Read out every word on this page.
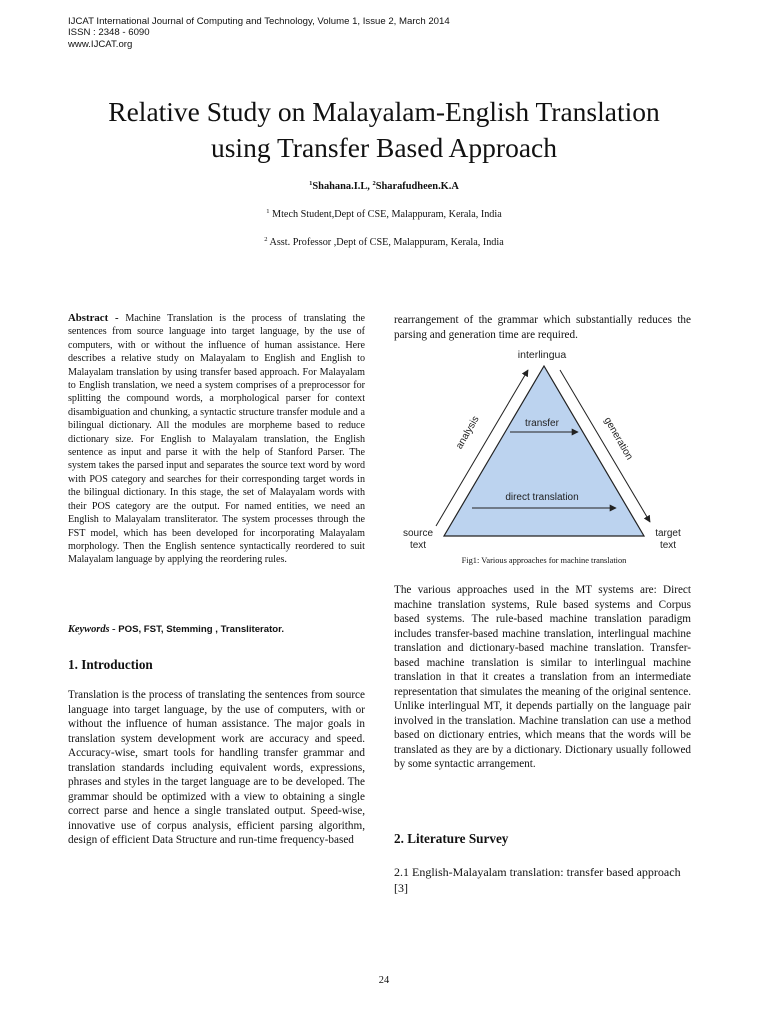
IJCAT International Journal of Computing and Technology, Volume 1, Issue 2, March 2014
ISSN : 2348 - 6090
www.IJCAT.org
Relative Study on Malayalam-English Translation
using Transfer Based Approach
$^1$Shahana.I.L, $^2$Sharafudheen.K.A
$^1$ Mtech Student,Dept of CSE, Malappuram, Kerala, India
$^2$ Asst. Professor ,Dept of CSE, Malappuram, Kerala, India
Abstract - Machine Translation is the process of translating the sentences from source language into target language, by the use of computers, with or without the influence of human assistance. Here describes a relative study on Malayalam to English and English to Malayalam translation by using transfer based approach. For Malayalam to English translation, we need a system comprises of a preprocessor for splitting the compound words, a morphological parser for context disambiguation and chunking, a syntactic structure transfer module and a bilingual dictionary. All the modules are morpheme based to reduce dictionary size. For English to Malayalam translation, the English sentence as input and parse it with the help of Stanford Parser. The system takes the parsed input and separates the source text word by word with POS category and searches for their corresponding target words in the bilingual dictionary. In this stage, the set of Malayalam words with their POS category are the output. For named entities, we need an English to Malayalam transliterator. The system processes through the FST model, which has been developed for incorporating Malayalam morphology. Then the English sentence syntactically reordered to suit Malayalam language by applying the reordering rules.
Keywords - POS, FST, Stemming , Transliterator.
1. Introduction
Translation is the process of translating the sentences from source language into target language, by the use of computers, with or without the influence of human assistance. The major goals in translation system development work are accuracy and speed. Accuracy-wise, smart tools for handling transfer grammar and translation standards including equivalent words, expressions, phrases and styles in the target language are to be developed. The grammar should be optimized with a view to obtaining a single correct parse and hence a single translated output. Speed-wise, innovative use of corpus analysis, efficient parsing algorithm, design of efficient Data Structure and run-time frequency-based
rearrangement of the grammar which substantially reduces the parsing and generation time are required.
interlingua
transfer
direct translation
analysis	generation
source
text
target
text
Fig1: Various approaches for machine translation
The various approaches used in the MT systems are: Direct machine translation systems, Rule based systems and Corpus based systems. The rule-based machine translation paradigm includes transfer-based machine translation, interlingual machine translation and dictionary-based machine translation. Transfer-based machine translation is similar to interlingual machine translation in that it creates a translation from an intermediate representation that simulates the meaning of the original sentence. Unlike interlingual MT, it depends partially on the language pair involved in the translation. Machine translation can use a method based on dictionary entries, which means that the words will be translated as they are by a dictionary. Dictionary usually followed by some syntactic arrangement.
2. Literature Survey
2.1 English-Malayalam translation: transfer based approach [3]
24
